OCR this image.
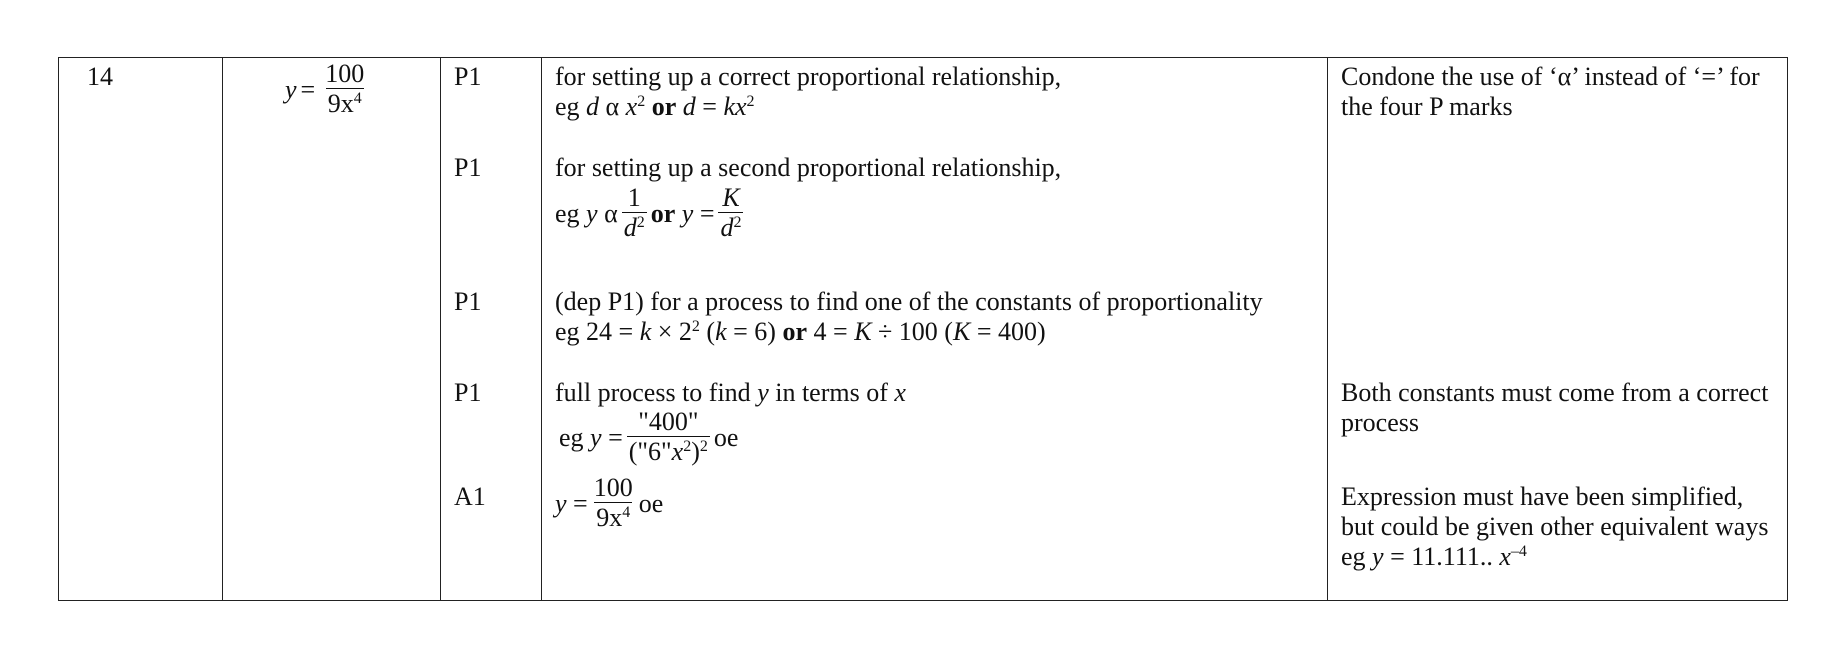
14	$y = \frac{100}{9x^4}$	P1
P1
P1
P1
A1
for setting up a correct proportional relationship,
eg d α $x^2$ or $d = kx^2$
for setting up a second proportional relationship,
eg
y
α $\frac{1}{d^2}$ or
y
= $\frac{K}{d^2}$
(dep P1) for a process to find one of the constants of proportionality
eg $24 = k \times 2^2$ (k = 6) or 4 = K ÷ 100 (K = 400)
full process to find y in terms of x
eg
y
= $\frac{"400"}{("6"x^2)^2}$ oe
y
= $\frac{100}{9x^4}$ oe
Condone the use of ‘α’ instead of ‘=’ for the four P marks
Both constants must come from a correct process
Expression must have been simplified, but could be given other equivalent ways
eg y = 11.111.. $x^{-4}$
